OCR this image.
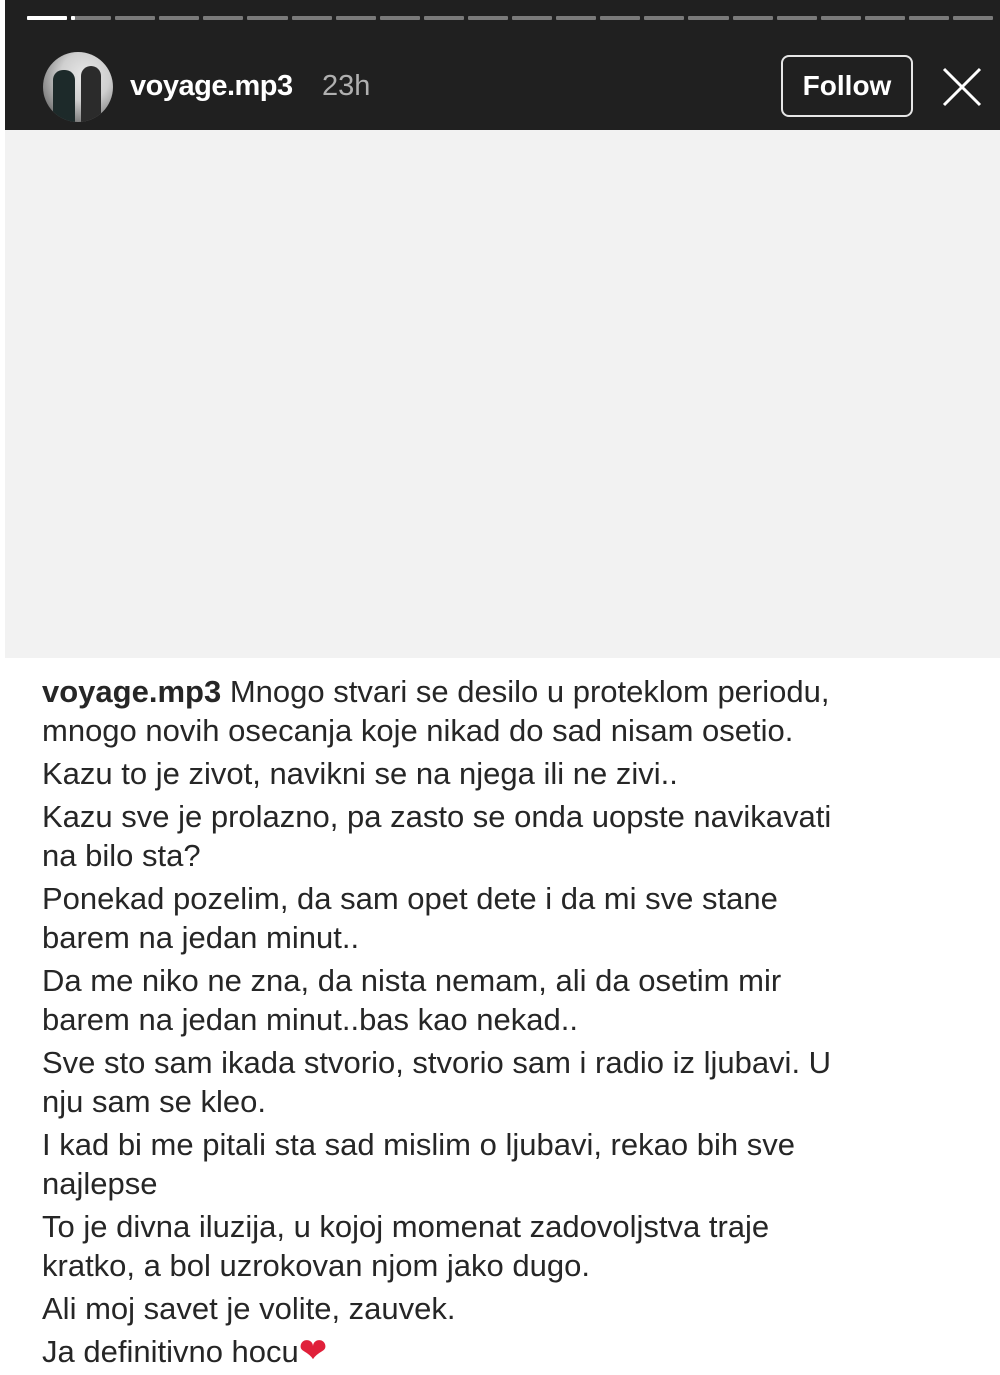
voyage.mp3 23h	Follow
voyage.mp3 Mnogo stvari se desilo u proteklom periodu,
mnogo novih osecanja koje nikad do sad nisam osetio.
Kazu to je zivot, navikni se na njega ili ne zivi..
Kazu sve je prolazno, pa zasto se onda uopste navikavati
na bilo sta?
Ponekad pozelim, da sam opet dete i da mi sve stane
barem na jedan minut..
Da me niko ne zna, da nista nemam, ali da osetim mir
barem na jedan minut..bas kao nekad..
Sve sto sam ikada stvorio, stvorio sam i radio iz ljubavi. U
nju sam se kleo.
I kad bi me pitali sta sad mislim o ljubavi, rekao bih sve
najlepse
To je divna iluzija, u kojoj momenat zadovoljstva traje
kratko, a bol uzrokovan njom jako dugo.
Ali moj savet je volite, zauvek.
Ja definitivno hocu❤
